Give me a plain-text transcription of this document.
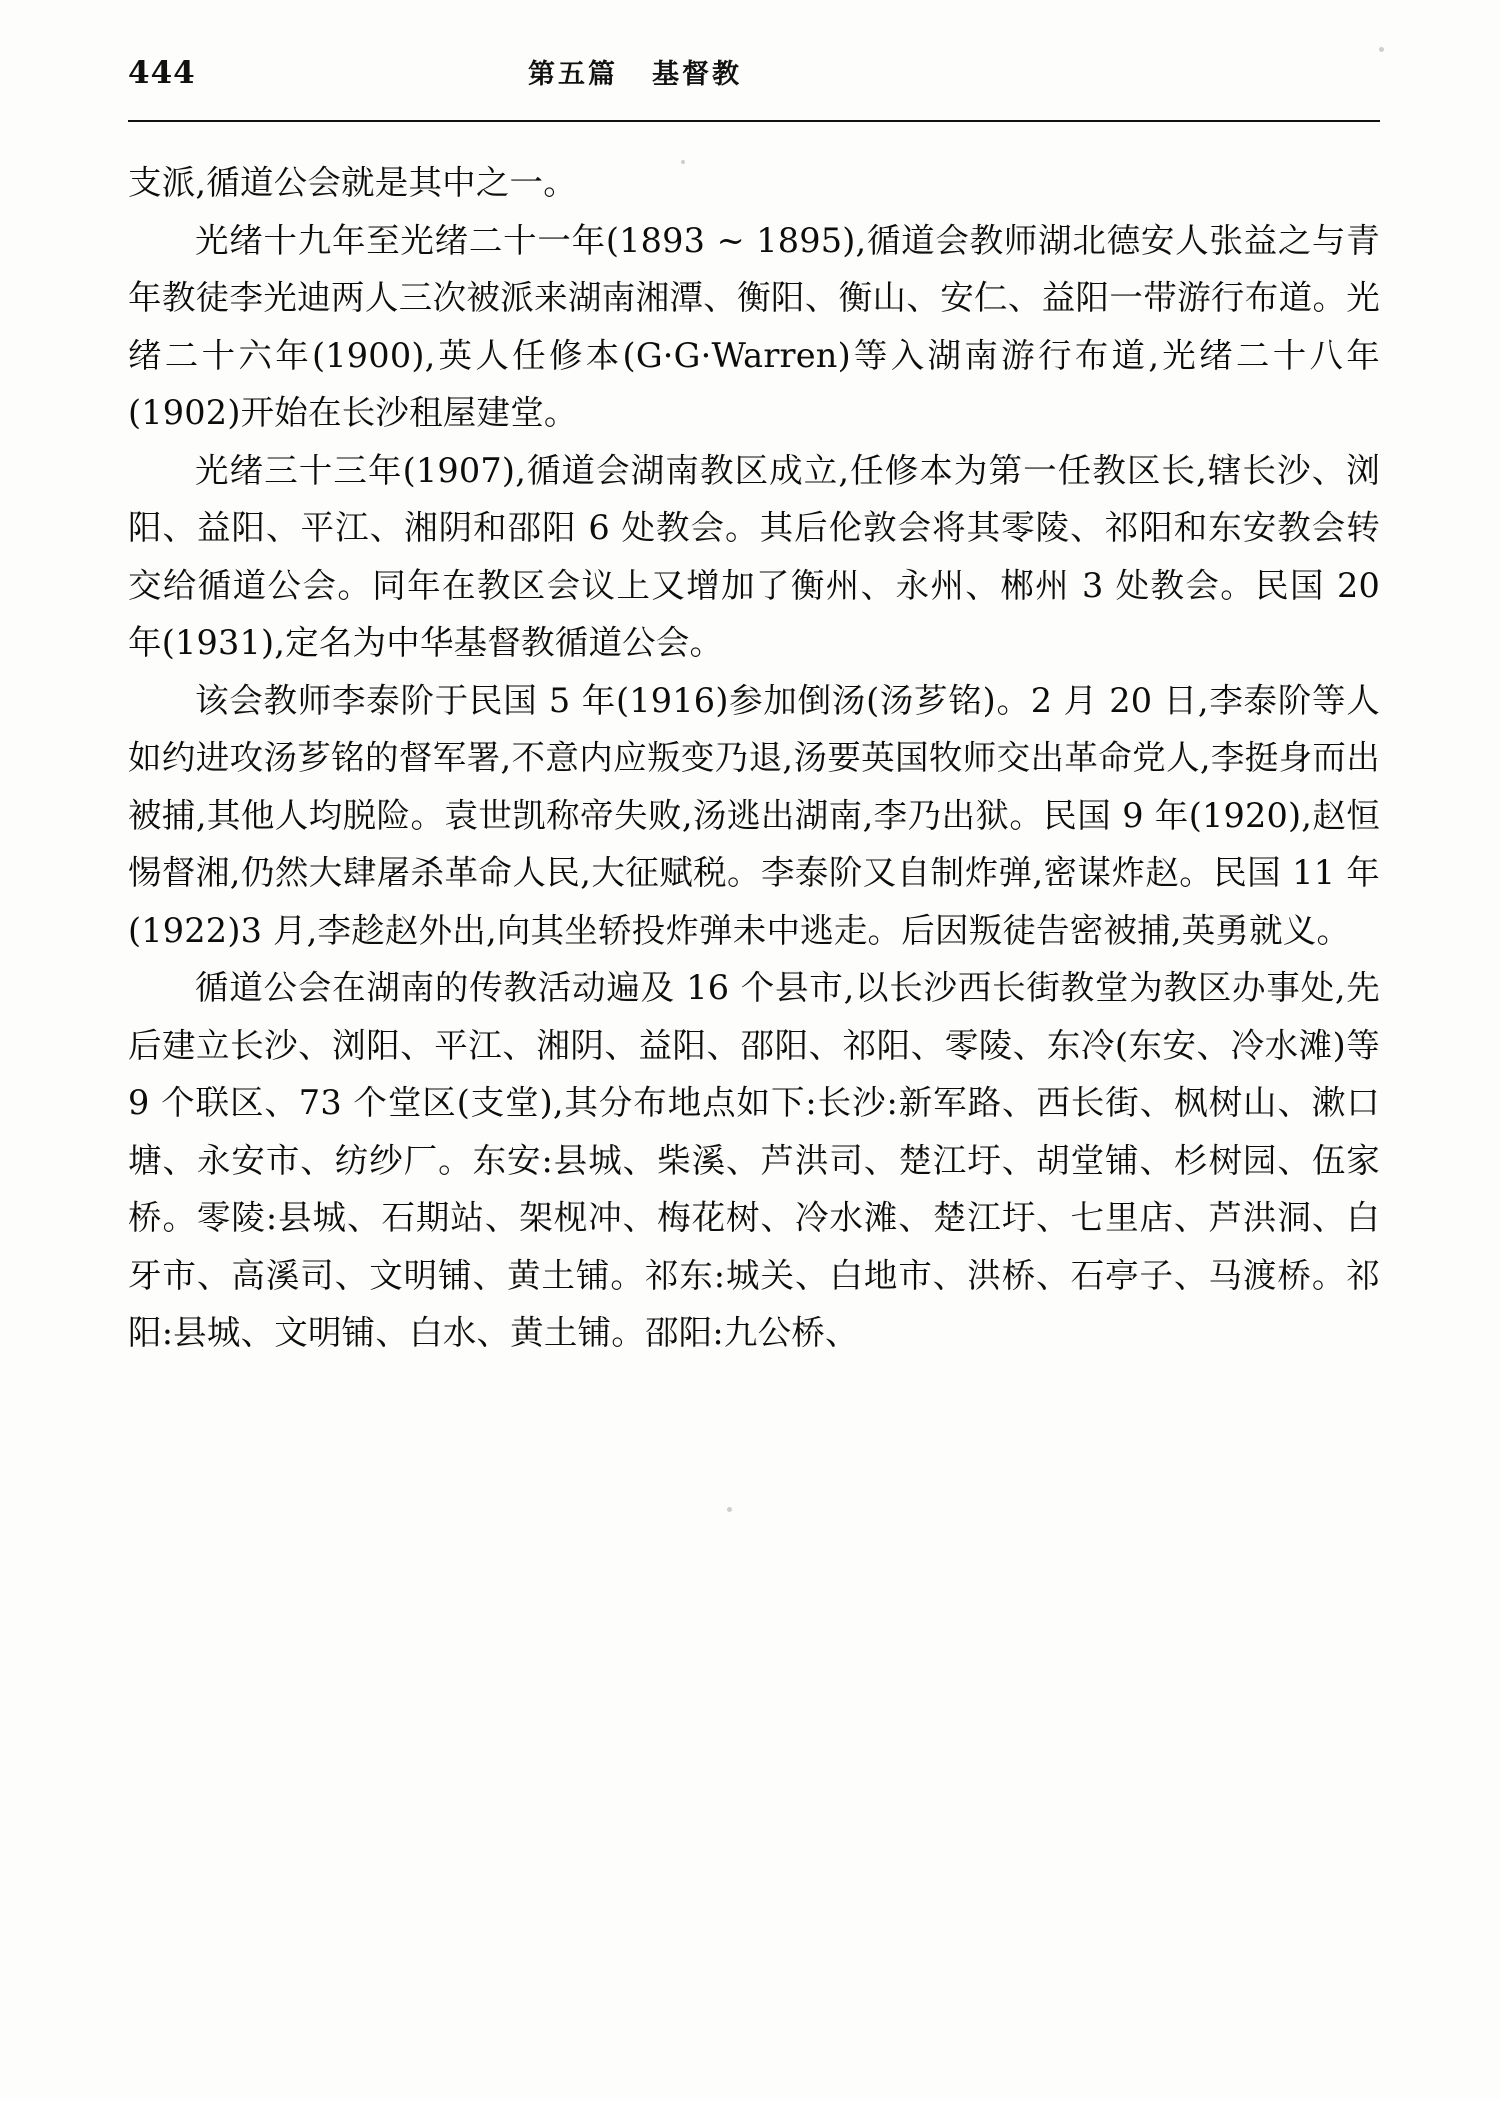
444	第五篇 基督教

支派,循道公会就是其中之一。

光绪十九年至光绪二十一年(1893 ~ 1895),循道会教师湖北德安人张益之与青年教徒李光迪两人三次被派来湖南湘潭、衡阳、衡山、安仁、益阳一带游行布道。光绪二十六年(1900),英人任修本(G·G·Warren)等入湖南游行布道,光绪二十八年(1902)开始在长沙租屋建堂。

光绪三十三年(1907),循道会湖南教区成立,任修本为第一任教区长,辖长沙、浏阳、益阳、平江、湘阴和邵阳 6 处教会。其后伦敦会将其零陵、祁阳和东安教会转交给循道公会。同年在教区会议上又增加了衡州、永州、郴州 3 处教会。民国 20 年(1931),定名为中华基督教循道公会。

该会教师李泰阶于民国 5 年(1916)参加倒汤(汤芗铭)。2 月 20 日,李泰阶等人如约进攻汤芗铭的督军署,不意内应叛变乃退,汤要英国牧师交出革命党人,李挺身而出被捕,其他人均脱险。袁世凯称帝失败,汤逃出湖南,李乃出狱。民国 9 年(1920),赵恒惕督湘,仍然大肆屠杀革命人民,大征赋税。李泰阶又自制炸弹,密谋炸赵。民国 11 年(1922)3 月,李趁赵外出,向其坐轿投炸弹未中逃走。后因叛徒告密被捕,英勇就义。

循道公会在湖南的传教活动遍及 16 个县市,以长沙西长街教堂为教区办事处,先后建立长沙、浏阳、平江、湘阴、益阳、邵阳、祁阳、零陵、东冷(东安、冷水滩)等 9 个联区、73 个堂区(支堂),其分布地点如下:长沙:新军路、西长街、枫树山、漱口塘、永安市、纺纱厂。东安:县城、柴溪、芦洪司、楚江圩、胡堂铺、杉树园、伍家桥。零陵:县城、石期站、架枧冲、梅花树、冷水滩、楚江圩、七里店、芦洪洞、白牙市、高溪司、文明铺、黄土铺。祁东:城关、白地市、洪桥、石亭子、马渡桥。祁阳:县城、文明铺、白水、黄土铺。邵阳:九公桥、
